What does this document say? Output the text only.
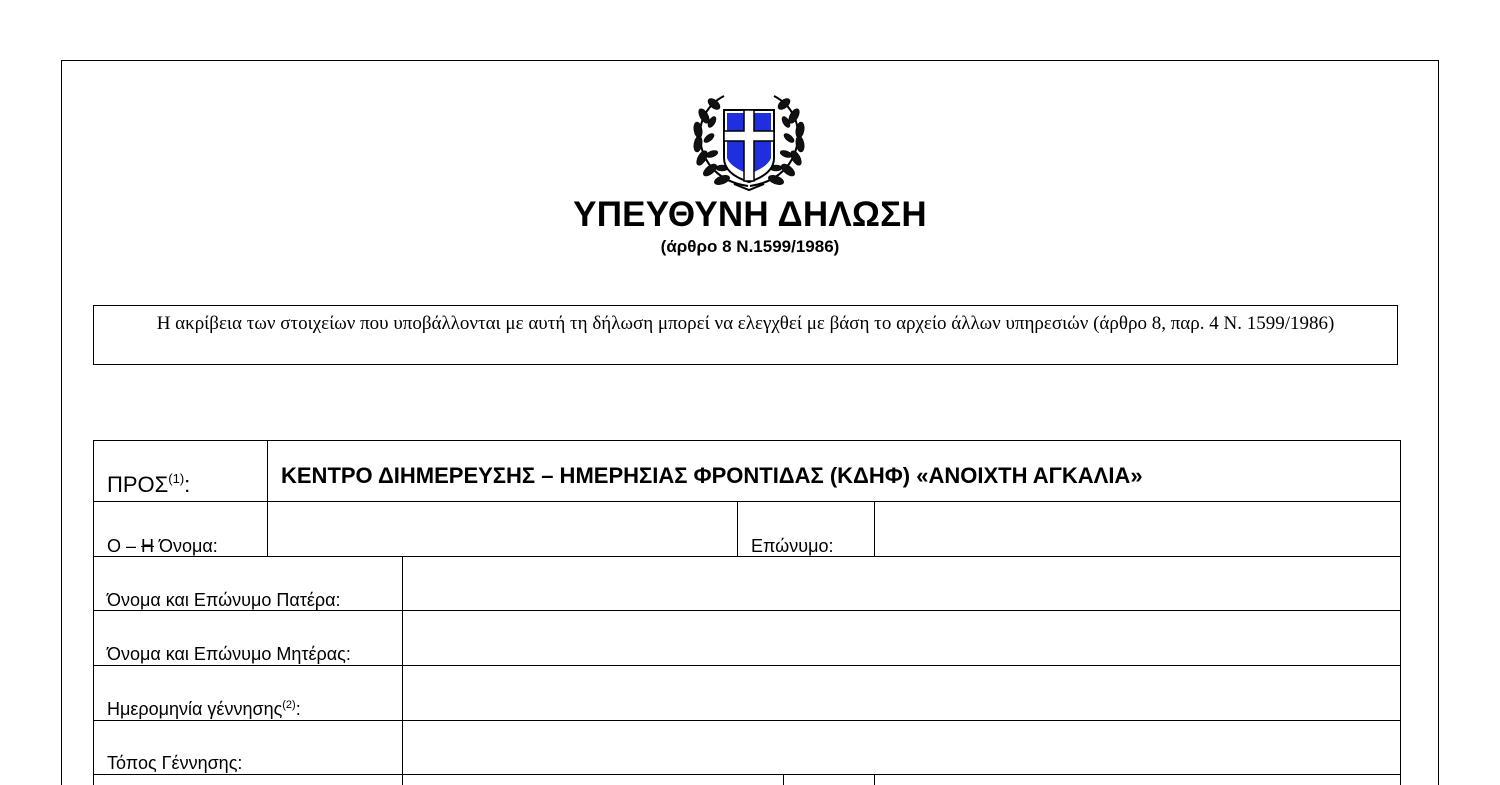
ΥΠΕΥΘΥΝΗ ΔΗΛΩΣΗ
(άρθρο 8 Ν.1599/1986)
Η ακρίβεια των στοιχείων που υποβάλλονται με αυτή τη δήλωση μπορεί να ελεγχθεί με βάση το αρχείο άλλων υπηρεσιών (άρθρο 8, παρ. 4 Ν. 1599/1986)
ΠΡΟΣ$^{(1)}$:	ΚΕΝΤΡΟ ΔΙΗΜΕΡΕΥΣΗΣ – ΗΜΕΡΗΣΙΑΣ ΦΡΟΝΤΙΔΑΣ (ΚΔΗΦ) «ΑΝΟΙΧΤΗ ΑΓΚΑΛΙΑ»
Ο – Η Όνομα:	Επώνυμο:
Όνομα και Επώνυμο Πατέρα:
Όνομα και Επώνυμο Μητέρας:
Ημερομηνία γέννησης$^{(2)}$:
Τόπος Γέννησης:
